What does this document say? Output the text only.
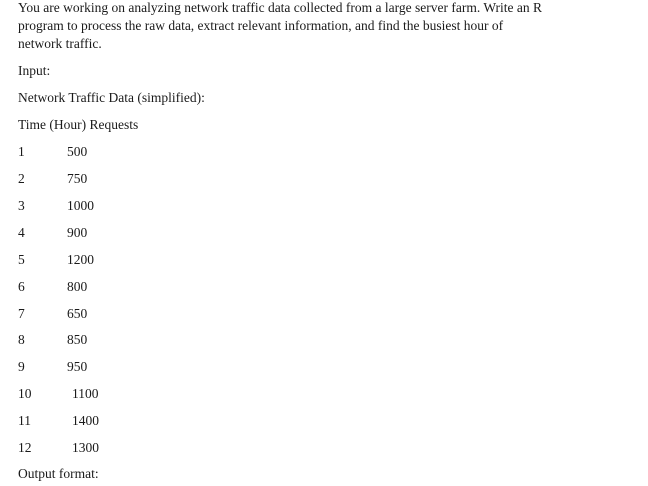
You are working on analyzing network traffic data collected from a large server farm. Write an R
program to process the raw data, extract relevant information, and find the busiest hour of
network traffic.
Input:
Network Traffic Data (simplified):
Time (Hour) Requests
1	500
2	750
3	1000
4	900
5	1200
6	800
7	650
8	850
9	950
10	1100
11	1400
12	1300
Output format:
